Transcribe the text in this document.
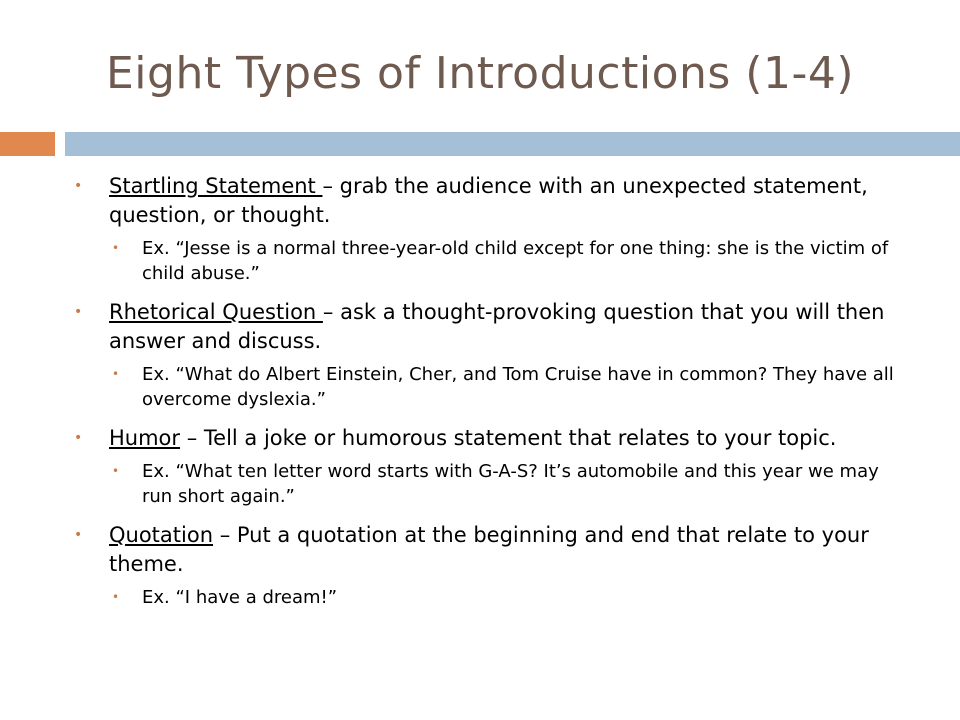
Eight Types of Introductions (1-4)
• Startling Statement – grab the audience with an unexpected statement, question, or thought.
• Ex. “Jesse is a normal three-year-old child except for one thing: she is the victim of child abuse.”
• Rhetorical Question – ask a thought-provoking question that you will then answer and discuss.
• Ex. “What do Albert Einstein, Cher, and Tom Cruise have in common? They have all overcome dyslexia.”
• Humor – Tell a joke or humorous statement that relates to your topic.
• Ex. “What ten letter word starts with G-A-S? It’s automobile and this year we may run short again.”
• Quotation – Put a quotation at the beginning and end that relate to your theme.
• Ex. “I have a dream!”
